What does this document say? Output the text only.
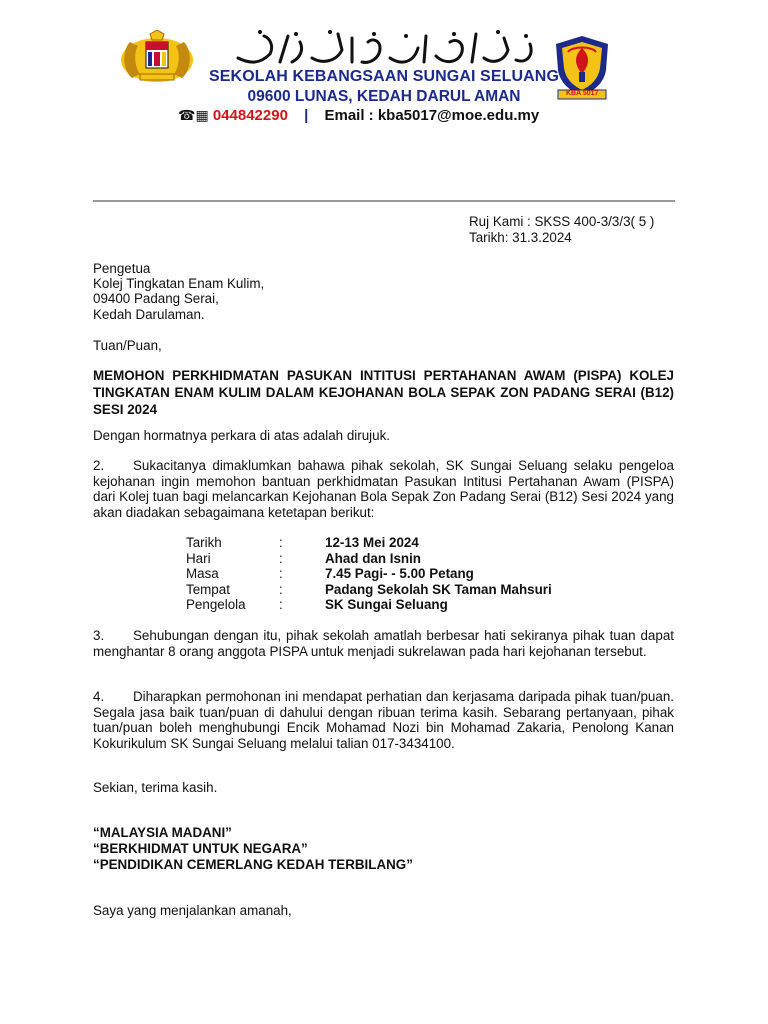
KBA 5017
SEKOLAH KEBANGSAAN SUNGAI SELUANG
09600 LUNAS, KEDAH DARUL AMAN
☎▦ 044842290 | Email : kba5017@moe.edu.my
Ruj Kami : SKSS 400-3/3/3( 5 )
Tarikh: 31.3.2024
Pengetua
Kolej Tingkatan Enam Kulim,
09400 Padang Serai,
Kedah Darulaman.
Tuan/Puan,
MEMOHON PERKHIDMATAN PASUKAN INTITUSI PERTAHANAN AWAM (PISPA) KOLEJ TINGKATAN ENAM KULIM DALAM KEJOHANAN BOLA SEPAK ZON PADANG SERAI (B12) SESI 2024
Dengan hormatnya perkara di atas adalah dirujuk.
2. Sukacitanya dimaklumkan bahawa pihak sekolah, SK Sungai Seluang selaku pengeloa kejohanan ingin memohon bantuan perkhidmatan Pasukan Intitusi Pertahanan Awam (PISPA) dari Kolej tuan bagi melancarkan Kejohanan Bola Sepak Zon Padang Serai (B12) Sesi 2024 yang akan diadakan sebagaimana ketetapan berikut:
Tarikh	:	12-13 Mei 2024
Hari	:	Ahad dan Isnin
Masa	:	7.45 Pagi- - 5.00 Petang
Tempat	:	Padang Sekolah SK Taman Mahsuri
Pengelola :	SK Sungai Seluang
3. Sehubungan dengan itu, pihak sekolah amatlah berbesar hati sekiranya pihak tuan dapat menghantar 8 orang anggota PISPA untuk menjadi sukrelawan pada hari kejohanan tersebut.
4. Diharapkan permohonan ini mendapat perhatian dan kerjasama daripada pihak tuan/puan. Segala jasa baik tuan/puan di dahului dengan ribuan terima kasih. Sebarang pertanyaan, pihak tuan/puan boleh menghubungi Encik Mohamad Nozi bin Mohamad Zakaria, Penolong Kanan Kokurikulum SK Sungai Seluang melalui talian 017-3434100.
Sekian, terima kasih.
“MALAYSIA MADANI”
“BERKHIDMAT UNTUK NEGARA”
“PENDIDIKAN CEMERLANG KEDAH TERBILANG”
Saya yang menjalankan amanah,
